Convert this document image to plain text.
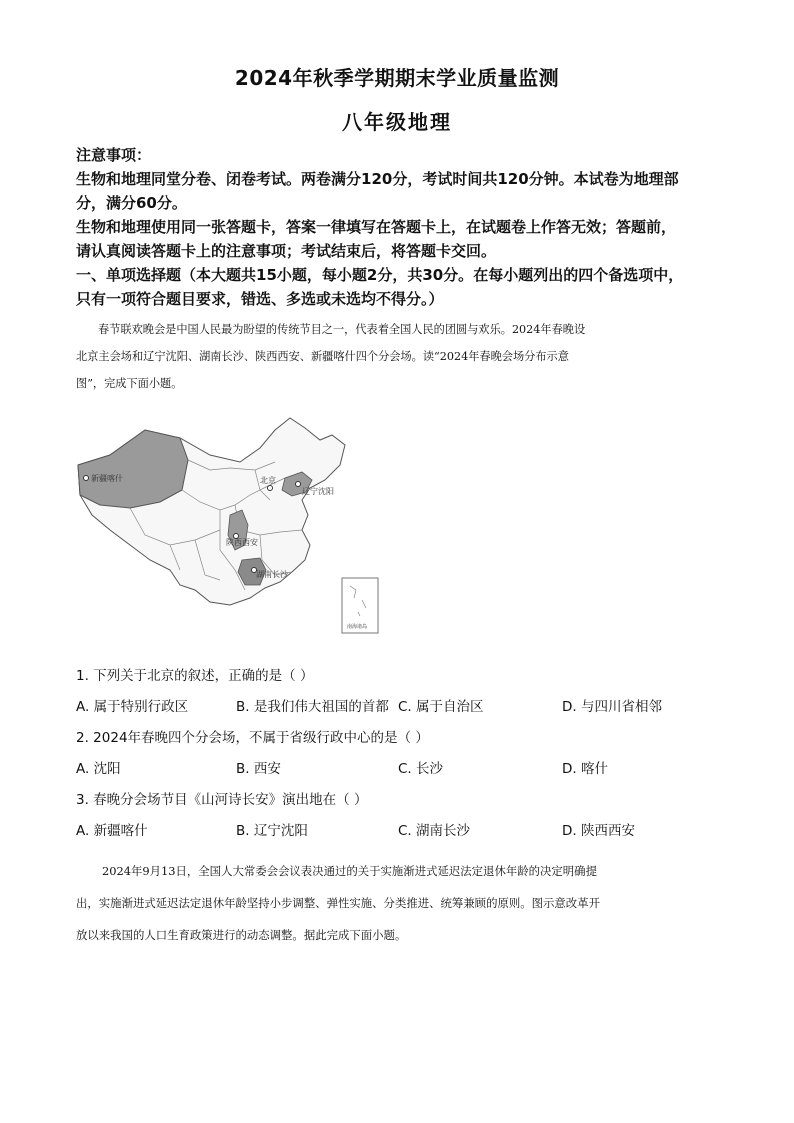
2024年秋季学期期末学业质量监测
八年级地理
注意事项：
生物和地理同堂分卷、闭卷考试。两卷满分120分，考试时间共120分钟。本试卷为地理部
分，满分60分。
生物和地理使用同一张答题卡，答案一律填写在答题卡上，在试题卷上作答无效；答题前，
请认真阅读答题卡上的注意事项；考试结束后，将答题卡交回。
一、单项选择题（本大题共15小题，每小题2分，共30分。在每小题列出的四个备选项中，
只有一项符合题目要求，错选、多选或未选均不得分。）
春节联欢晚会是中国人民最为盼望的传统节目之一，代表着全国人民的团圆与欢乐。2024年春晚设
北京主会场和辽宁沈阳、湖南长沙、陕西西安、新疆喀什四个分会场。读“2024年春晚会场分布示意
图”，完成下面小题。
新疆喀什	北京
辽宁沈阳
陕西西安
湖南长沙
南海诸岛
1. 下列关于北京的叙述，正确的是（ ）
A. 属于特别行政区	B. 是我们伟大祖国的首都 C. 属于自治区	D. 与四川省相邻
2. 2024年春晚四个分会场，不属于省级行政中心的是（ ）
A. 沈阳	B. 西安	C. 长沙	D. 喀什
3. 春晚分会场节目《山河诗长安》演出地在（ ）
A. 新疆喀什	B. 辽宁沈阳	C. 湖南长沙	D. 陕西西安
2024年9月13日，全国人大常委会会议表决通过的关于实施渐进式延迟法定退休年龄的决定明确提
出，实施渐进式延迟法定退休年龄坚持小步调整、弹性实施、分类推进、统筹兼顾的原则。图示意改革开
放以来我国的人口生育政策进行的动态调整。据此完成下面小题。
